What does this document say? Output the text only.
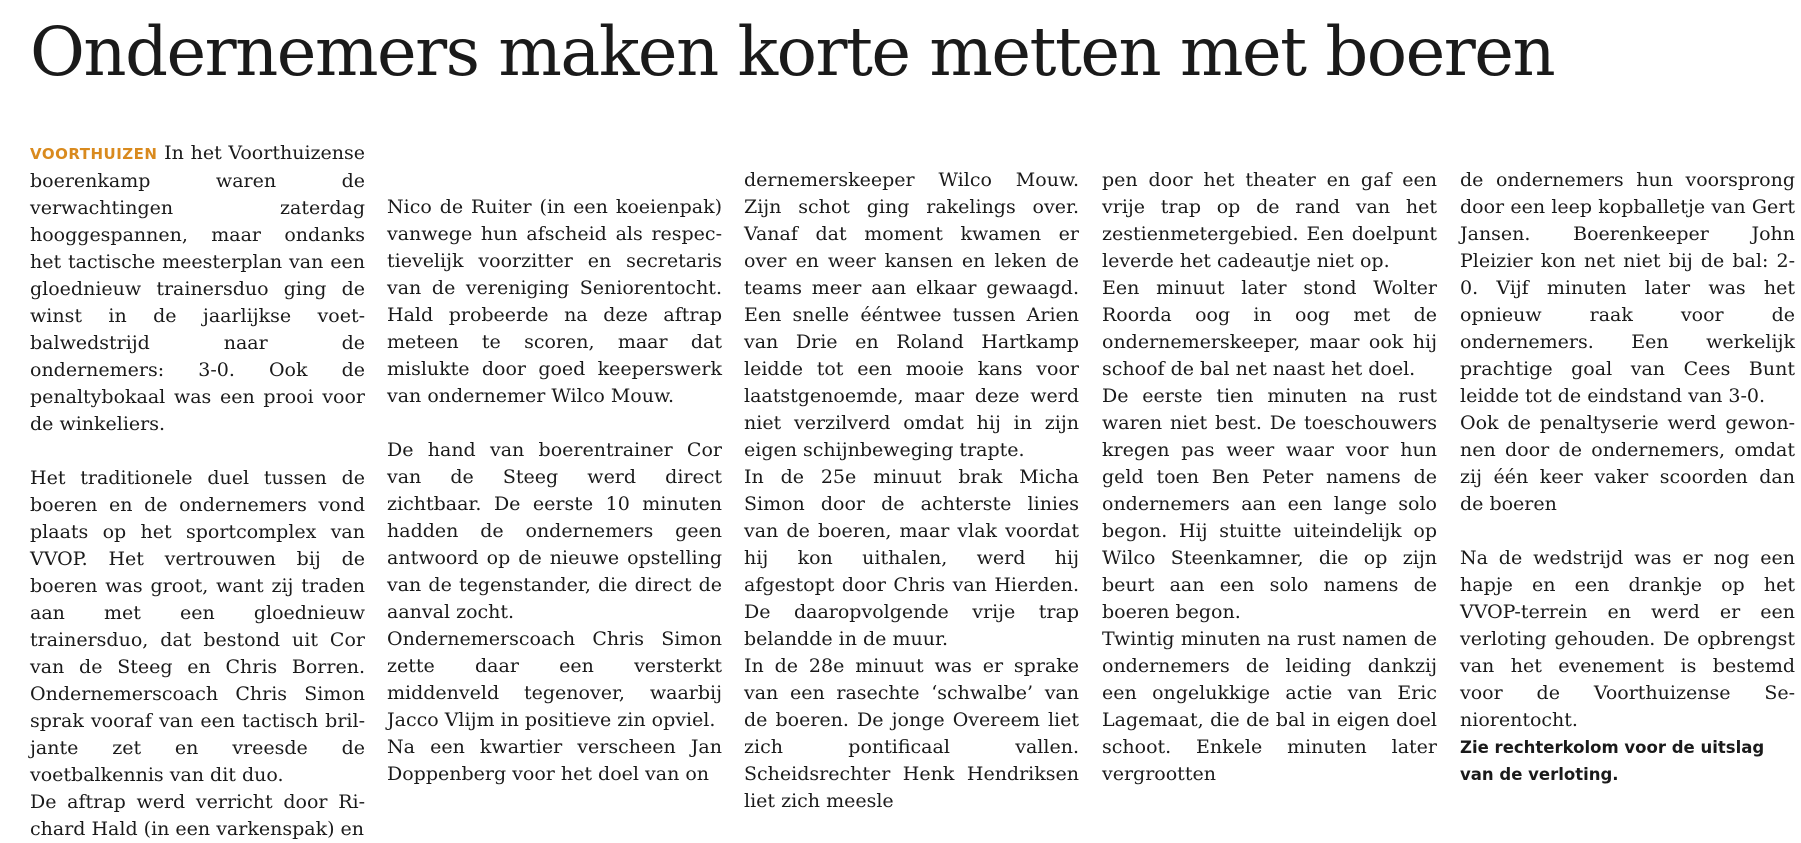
Ondernemers maken korte metten met boeren

VOORTHUIZEN In het Voorthuizense boerenkamp waren de verwachtingen zaterdag hooggespannen, maar ondanks het tactische meesterplan van een gloednieuw trainersduo ging de winst in de jaarlijkse voetbalwedstrijd naar de ondernemers: 3-0. Ook de penaltybokaal was een prooi voor de winkeliers.

Het traditionele duel tussen de boeren en de ondernemers vond plaats op het sportcomplex van VVOP. Het vertrouwen bij de boeren was groot, want zij traden aan met een gloednieuw trainersduo, dat bestond uit Cor van de Steeg en Chris Borren. Ondernemerscoach Chris Simon sprak vooraf van een tactisch briljante zet en vreesde de voetbalkennis van dit duo.

De aftrap werd verricht door Richard Hald (in een varkenspak) en

Nico de Ruiter (in een koeienpak) vanwege hun afscheid als respectievelijk voorzitter en secretaris van de vereniging Seniorentocht. Hald probeerde na deze aftrap meteen te scoren, maar dat mislukte door goed keeperswerk van ondernemer Wilco Mouw.

De hand van boerentrainer Cor van de Steeg werd direct zichtbaar. De eerste 10 minuten hadden de ondernemers geen antwoord op de nieuwe opstelling van de tegenstander, die direct de aanval zocht.

Ondernemerscoach Chris Simon zette daar een versterkt middenveld tegenover, waarbij Jacco Vlijm in positieve zin opviel.

Na een kwartier verscheen Jan Doppenberg voor het doel van on

dernemerskeeper Wilco Mouw. Zijn schot ging rakelings over. Vanaf dat moment kwamen er over en weer kansen en leken de teams meer aan elkaar gewaagd. Een snelle ééntwee tussen Arien van Drie en Roland Hartkamp leidde tot een mooie kans voor laatstgenoemde, maar deze werd niet verzilverd omdat hij in zijn eigen schijnbeweging trapte.

In de 25e minuut brak Micha Simon door de achterste linies van de boeren, maar vlak voordat hij kon uithalen, werd hij afgestopt door Chris van Hierden. De daaropvolgende vrije trap belandde in de muur.

In de 28e minuut was er sprake van een rasechte ‘schwalbe’ van de boeren. De jonge Overeem liet zich pontificaal vallen. Scheidsrechter Henk Hendriksen liet zich meesle

pen door het theater en gaf een vrije trap op de rand van het zestienmetergebied. Een doelpunt leverde het cadeautje niet op.

Een minuut later stond Wolter Roorda oog in oog met de ondernemerskeeper, maar ook hij schoof de bal net naast het doel.

De eerste tien minuten na rust waren niet best. De toeschouwers kregen pas weer waar voor hun geld toen Ben Peter namens de ondernemers aan een lange solo begon. Hij stuitte uiteindelijk op Wilco Steenkamner, die op zijn beurt aan een solo namens de boeren begon.

Twintig minuten na rust namen de ondernemers de leiding dankzij een ongelukkige actie van Eric Lagemaat, die de bal in eigen doel schoot. Enkele minuten later vergrootten

de ondernemers hun voorsprong door een leep kopballetje van Gert Jansen. Boerenkeeper John Pleizier kon net niet bij de bal: 2-0. Vijf minuten later was het opnieuw raak voor de ondernemers. Een werkelijk prachtige goal van Cees Bunt leidde tot de eindstand van 3-0.

Ook de penaltyserie werd gewonnen door de ondernemers, omdat zij één keer vaker scoorden dan de boeren

Na de wedstrijd was er nog een hapje en een drankje op het VVOP-terrein en werd er een verloting gehouden. De opbrengst van het evenement is bestemd voor de Voorthuizense Seniorentocht.

Zie rechterkolom voor de uitslag van de verloting.
